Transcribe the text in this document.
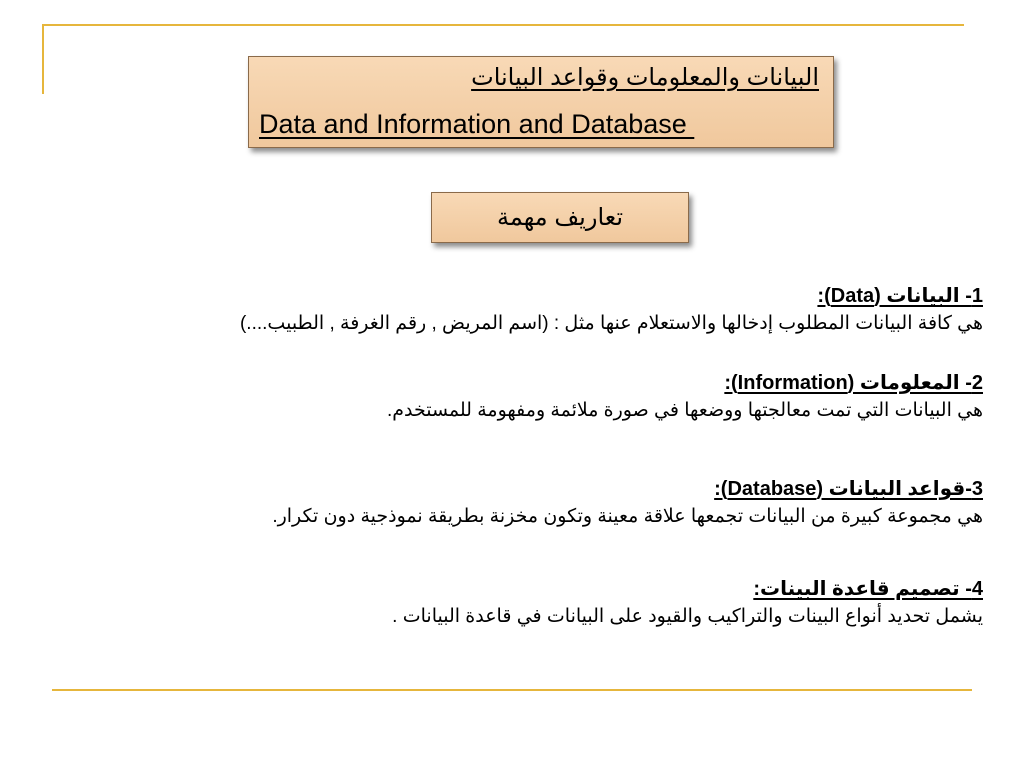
البيانات والمعلومات وقواعد البيانات
Data and Information and Database
تعاريف مهمة
1- البيانات (Data):
هي كافة البيانات المطلوب إدخالها والاستعلام عنها مثل : (اسم المريض , رقم الغرفة , الطبيب....)
2- المعلومات (Information):
هي البيانات التي تمت معالجتها ووضعها في صورة ملائمة ومفهومة للمستخدم.
3-قواعد البيانات (Database):
هي مجموعة كبيرة من البيانات تجمعها علاقة معينة وتكون مخزنة بطريقة نموذجية دون تكرار.
4- تصميم قاعدة البينات:
يشمل تحديد أنواع البينات والتراكيب والقيود على البيانات في قاعدة البيانات .
